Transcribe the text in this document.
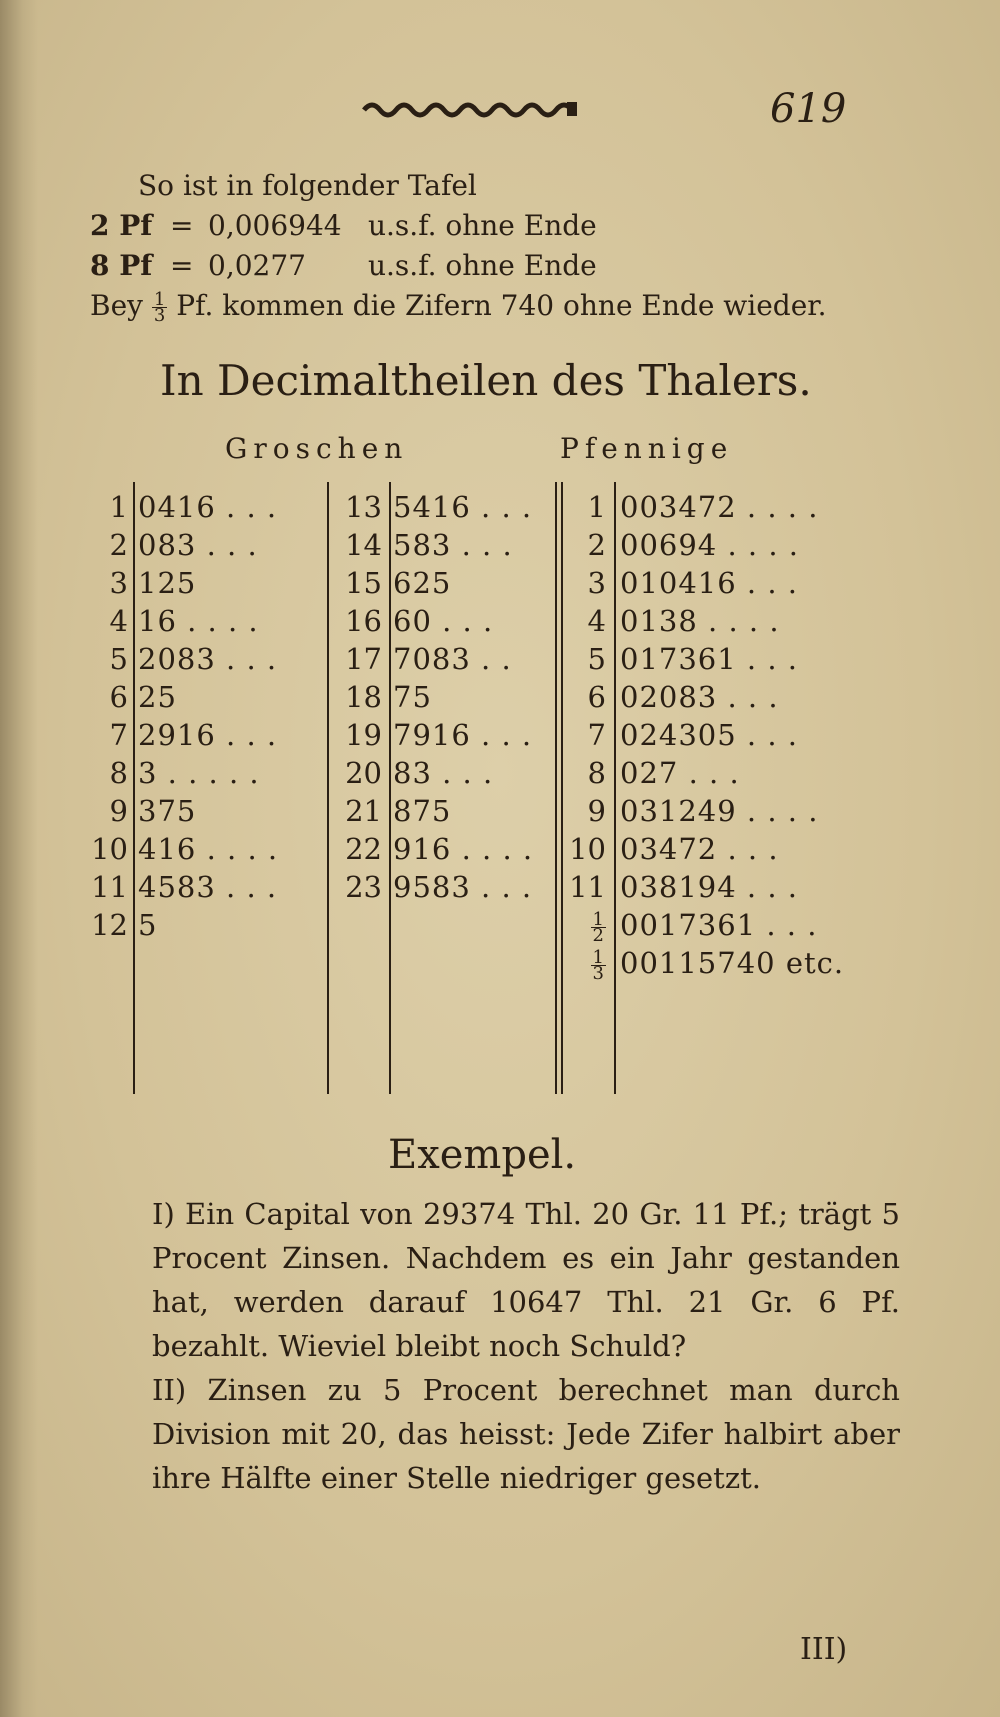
619
So ist in folgender Tafel
2 Pf = 0,006944 u.s.f. ohne Ende
8 Pf = 0,0277 u.s.f. ohne Ende
Bey $\frac{1}{3} Pf$. kommen die Zifern 740 ohne Ende wieder.
In Decimaltheilen des Thalers.
Groschen	Pfennige
1 0416 . . .
2 083 . . .
3 125
4 16 . . . .
5 2083 . . .
6 25
7 2916 . . .
8 3 . . . . .
9 375
10 416 . . . .
11 4583 . . .
12 5
13 5416 . . .
14 583 . . .
15 625
16 60 . . .
17 7083 . .
18 75
19 7916 . . .
20 83 . . .
21 875
22 916 . . . .
23 9583 . . .
1 003472 . . . .
2 00694 . . . .
3 010416 . . .
4 0138 . . . .
5 017361 . . .
6 02083 . . .
7 024305 . . .
8 027 . . .
9 031249 . . . .
10 03472 . . .
11 038194 . . .
$\frac{1}{2} 0017361$ . . .
$\frac{1}{3} 00115740$ etc.
Exempel.

I) Ein Capital von 29374 Thl. 20 Gr. 11 Pf.; trägt 5 Procent Zinsen. Nachdem es ein Jahr gestanden hat, werden darauf 10647 Thl. 21 Gr. 6 Pf. bezahlt. Wieviel bleibt noch Schuld?

II) Zinsen zu 5 Procent berechnet man durch Division mit 20, das heisst: Jede Zifer halbirt aber ihre Hälfte einer Stelle niedriger gesetzt.

III)
